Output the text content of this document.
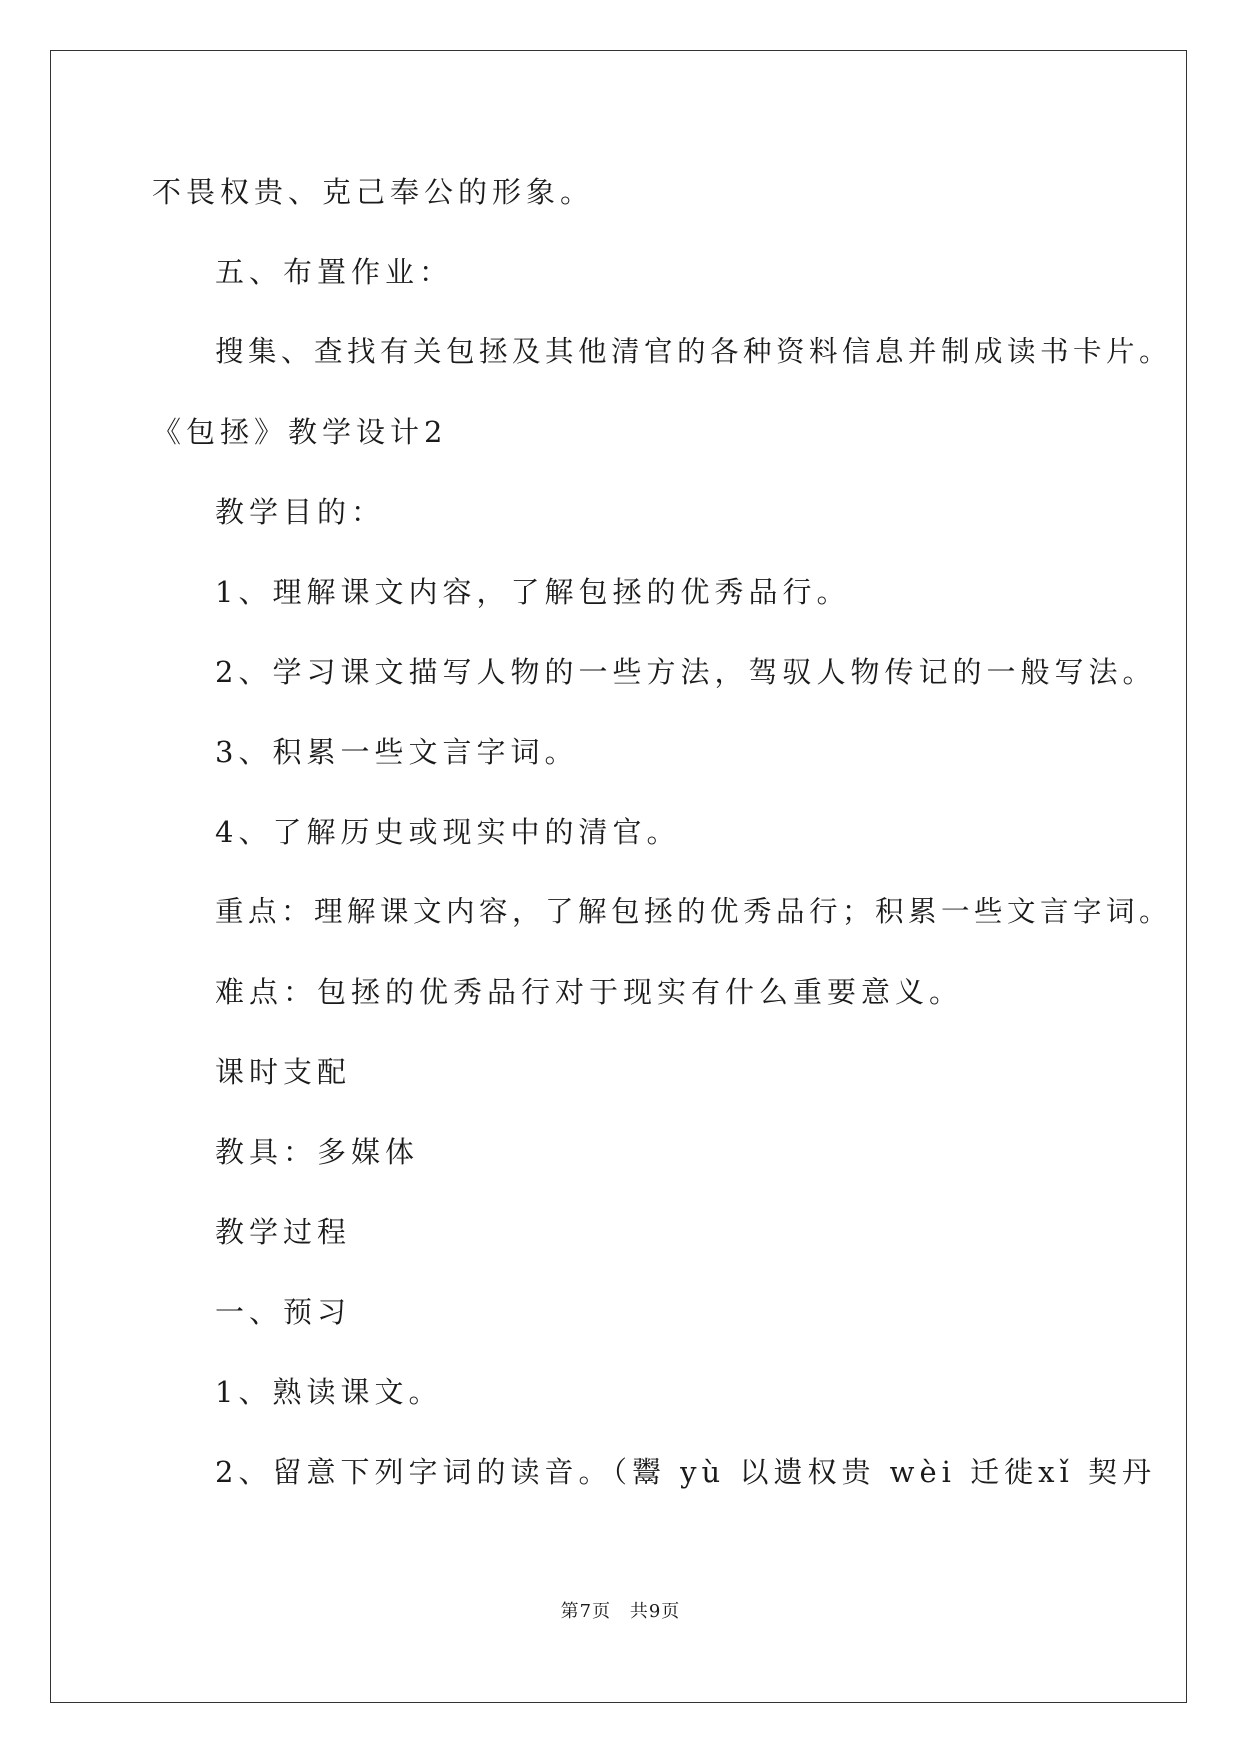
不畏权贵、克己奉公的形象。
五、布置作业：
搜集、查找有关包拯及其他清官的各种资料信息并制成读书卡片。
《包拯》教学设计2
教学目的：
1、理解课文内容，了解包拯的优秀品行。
2、学习课文描写人物的一些方法，驾驭人物传记的一般写法。
3、积累一些文言字词。
4、了解历史或现实中的清官。
重点：理解课文内容，了解包拯的优秀品行；积累一些文言字词。
难点：包拯的优秀品行对于现实有什么重要意义。
课时支配
教具：多媒体
教学过程
一、预习
1、熟读课文。
2、留意下列字词的读音。（鬻 yù 以遗权贵 wèi 迁徙xǐ 契丹
第7页 共9页
